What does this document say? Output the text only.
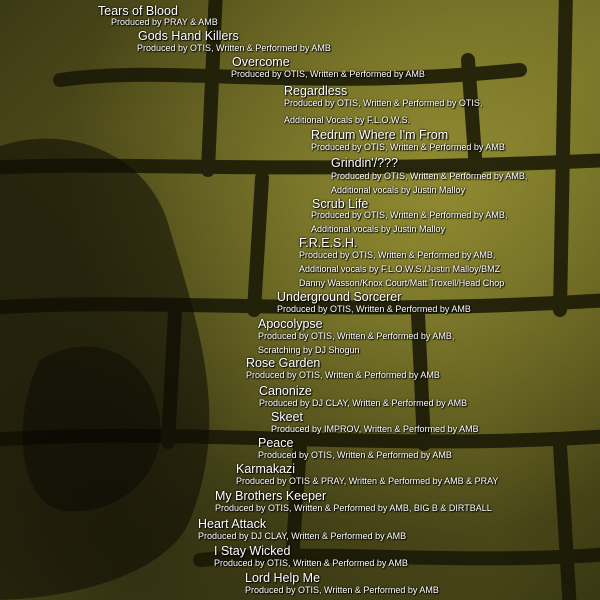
Tears of Blood
Produced by PRAY & AMB
Gods Hand Killers
Produced by OTIS, Written & Performed by AMB
Overcome
Produced by OTIS, Written & Performed by AMB
Regardless
Produced by OTIS, Written & Performed by OTIS,
Additional Vocals by F.L.O.W.S.
Redrum Where I'm From
Produced by OTIS, Written & Performed by AMB
Grindin'/???
Produced by OTIS, Written & Performed by AMB,
Additional vocals by Justin Malloy
Scrub Life
Produced by OTIS, Written & Performed by AMB,
Additional vocals by Justin Malloy
F.R.E.S.H.
Produced by OTIS, Written & Performed by AMB,
Additional vocals by F.L.O.W.S./Justin Malloy/BMZ
Danny Wasson/Knox Court/Matt Troxell/Head Chop
Underground Sorcerer
Produced by OTIS, Written & Performed by AMB
Apocolypse
Produced by OTIS, Written & Performed by AMB,
Scratching by DJ Shogun
Rose Garden
Produced by OTIS, Written & Performed by AMB
Canonize
Produced by DJ CLAY, Written & Performed by AMB
Skeet
Produced by IMPROV, Written & Performed by AMB
Peace
Produced by OTIS, Written & Performed by AMB
Karmakazi
Produced by OTIS & PRAY, Written & Performed by AMB & PRAY
My Brothers Keeper
Produced by OTIS, Written & Performed by AMB, BIG B & DIRTBALL
Heart Attack
Produced by DJ CLAY, Written & Performed by AMB
I Stay Wicked
Produced by OTIS, Written & Performed by AMB
Lord Help Me
Produced by OTIS, Written & Performed by AMB
